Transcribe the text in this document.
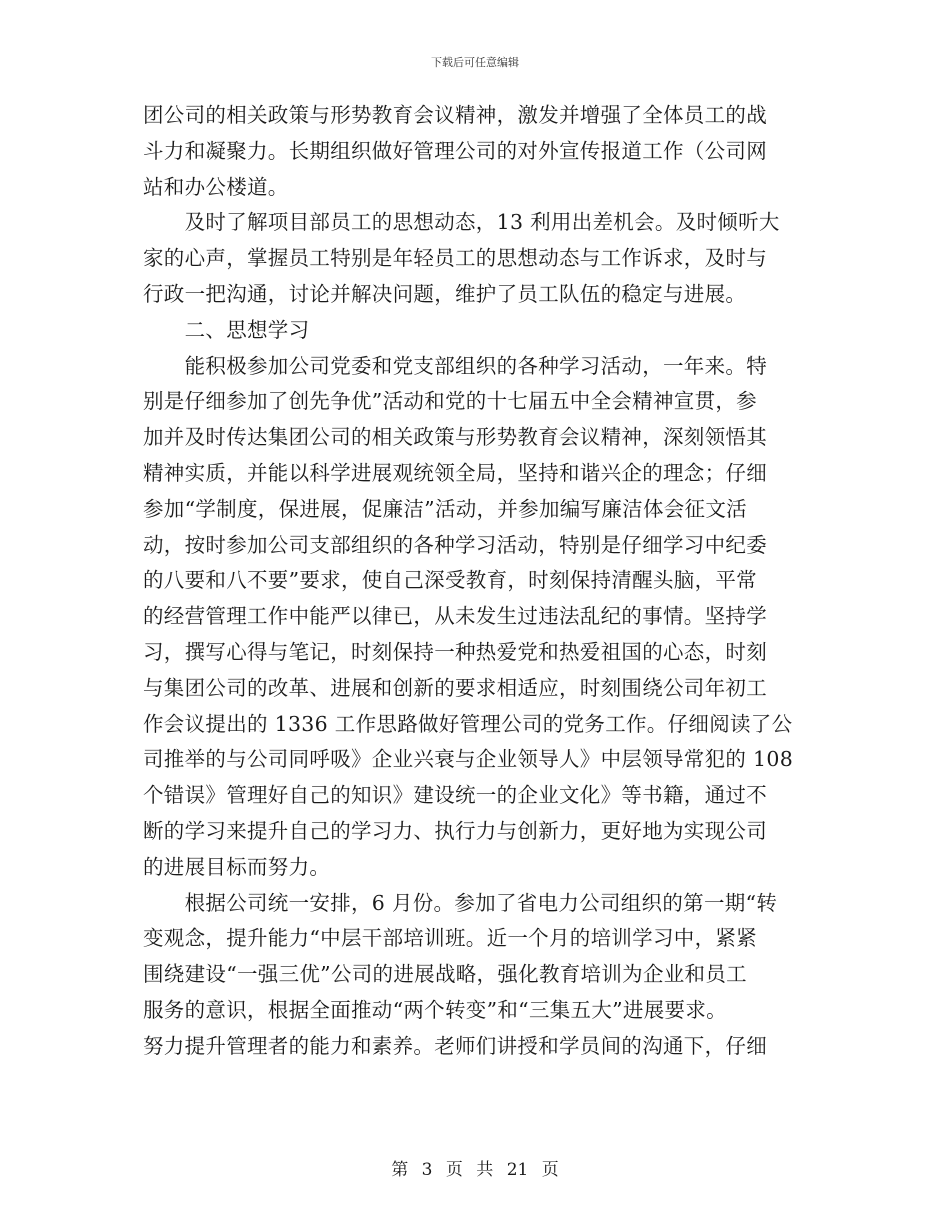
下载后可任意编辑
团公司的相关政策与形势教育会议精神，激发并增强了全体员工的战
斗力和凝聚力。长期组织做好管理公司的对外宣传报道工作（公司网
站和办公楼道。
　　及时了解项目部员工的思想动态，13 利用出差机会。及时倾听大
家的心声，掌握员工特别是年轻员工的思想动态与工作诉求，及时与
行政一把沟通，讨论并解决问题，维护了员工队伍的稳定与进展。
　　二、思想学习
　　能积极参加公司党委和党支部组织的各种学习活动，一年来。特
别是仔细参加了创先争优”活动和党的十七届五中全会精神宣贯，参
加并及时传达集团公司的相关政策与形势教育会议精神，深刻领悟其
精神实质，并能以科学进展观统领全局，坚持和谐兴企的理念；仔细
参加“学制度，保进展，促廉洁”活动，并参加编写廉洁体会征文活
动，按时参加公司支部组织的各种学习活动，特别是仔细学习中纪委
的八要和八不要”要求，使自己深受教育，时刻保持清醒头脑，平常
的经营管理工作中能严以律已，从未发生过违法乱纪的事情。坚持学
习，撰写心得与笔记，时刻保持一种热爱党和热爱祖国的心态，时刻
与集团公司的改革、进展和创新的要求相适应，时刻围绕公司年初工
作会议提出的 1336 工作思路做好管理公司的党务工作。仔细阅读了公
司推举的与公司同呼吸》企业兴衰与企业领导人》中层领导常犯的 108
个错误》管理好自己的知识》建设统一的企业文化》等书籍，通过不
断的学习来提升自己的学习力、执行力与创新力，更好地为实现公司
的进展目标而努力。
　　根据公司统一安排，6 月份。参加了省电力公司组织的第一期“转
变观念，提升能力“中层干部培训班。近一个月的培训学习中，紧紧
围绕建设“一强三优”公司的进展战略，强化教育培训为企业和员工
服务的意识，根据全面推动“两个转变”和“三集五大”进展要求。
努力提升管理者的能力和素养。老师们讲授和学员间的沟通下，仔细
第 3 页 共 21 页
